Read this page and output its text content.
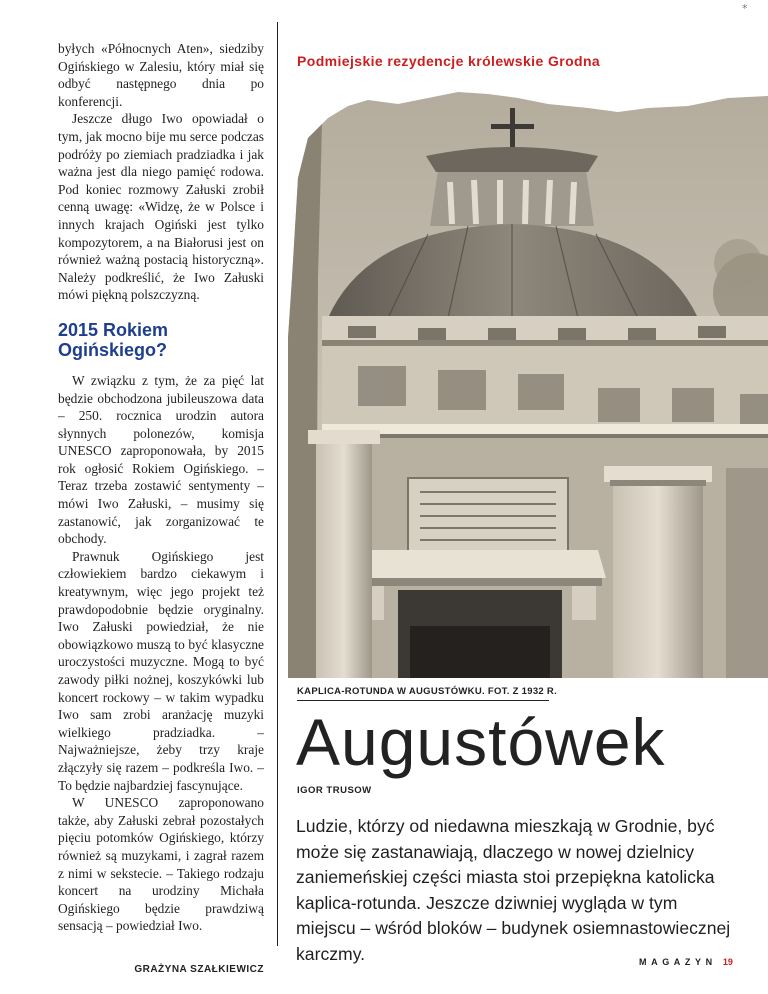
*

byłych «Północnych Aten», siedziby Ogińskiego w Zalesiu, który miał się odbyć następnego dnia po konferencji.

Jeszcze długo Iwo opowiadał o tym, jak mocno bije mu serce podczas podróży po ziemiach pradziadka i jak ważna jest dla niego pamięć rodowa. Pod koniec rozmowy Załuski zrobił cenną uwagę: «Widzę, że w Polsce i innych krajach Ogiński jest tylko kompozytorem, a na Białorusi jest on również ważną postacią historyczną». Należy podkreślić, że Iwo Załuski mówi piękną polszczyzną.

2015 Rokiem Ogińskiego?

W związku z tym, że za pięć lat będzie obchodzona jubileuszowa data – 250. rocznica urodzin autora słynnych polonezów, komisja UNESCO zaproponowała, by 2015 rok ogłosić Rokiem Ogińskiego. – Teraz trzeba zostawić sentymenty – mówi Iwo Załuski, – musimy się zastanowić, jak zorganizować te obchody.

Prawnuk Ogińskiego jest człowiekiem bardzo ciekawym i kreatywnym, więc jego projekt też prawdopodobnie będzie oryginalny. Iwo Załuski powiedział, że nie obowiązkowo muszą to być klasyczne uroczystości muzyczne. Mogą to być zawody piłki nożnej, koszykówki lub koncert rockowy – w takim wypadku Iwo sam zrobi aranżację muzyki wielkiego pradziadka. – Najważniejsze, żeby trzy kraje złączyły się razem – podkreśla Iwo. – To będzie najbardziej fascynujące.

W UNESCO zaproponowano także, aby Załuski zebrał pozostałych pięciu potomków Ogińskiego, którzy również są muzykami, i zagrał razem z nimi w sekstecie. – Takiego rodzaju koncert na urodziny Michała Ogińskiego będzie prawdziwą sensacją – powiedział Iwo.

GRAŻYNA SZAŁKIEWICZ
Podmiejskie rezydencje królewskie Grodna
KAPLICA-ROTUNDA W AUGUSTÓWKU. FOT. Z 1932 R.
Augustówek
IGOR TRUSOW
Ludzie, którzy od niedawna mieszkają w Grodnie, być może się zastanawiają, dlaczego w nowej dzielnicy zaniemeńskiej części miasta stoi przepiękna katolicka kaplica-rotunda. Jeszcze dziwniej wygląda w tym miejscu – wśród bloków – budynek osiemnastowiecznej karczmy.	MAGAZYN 19
